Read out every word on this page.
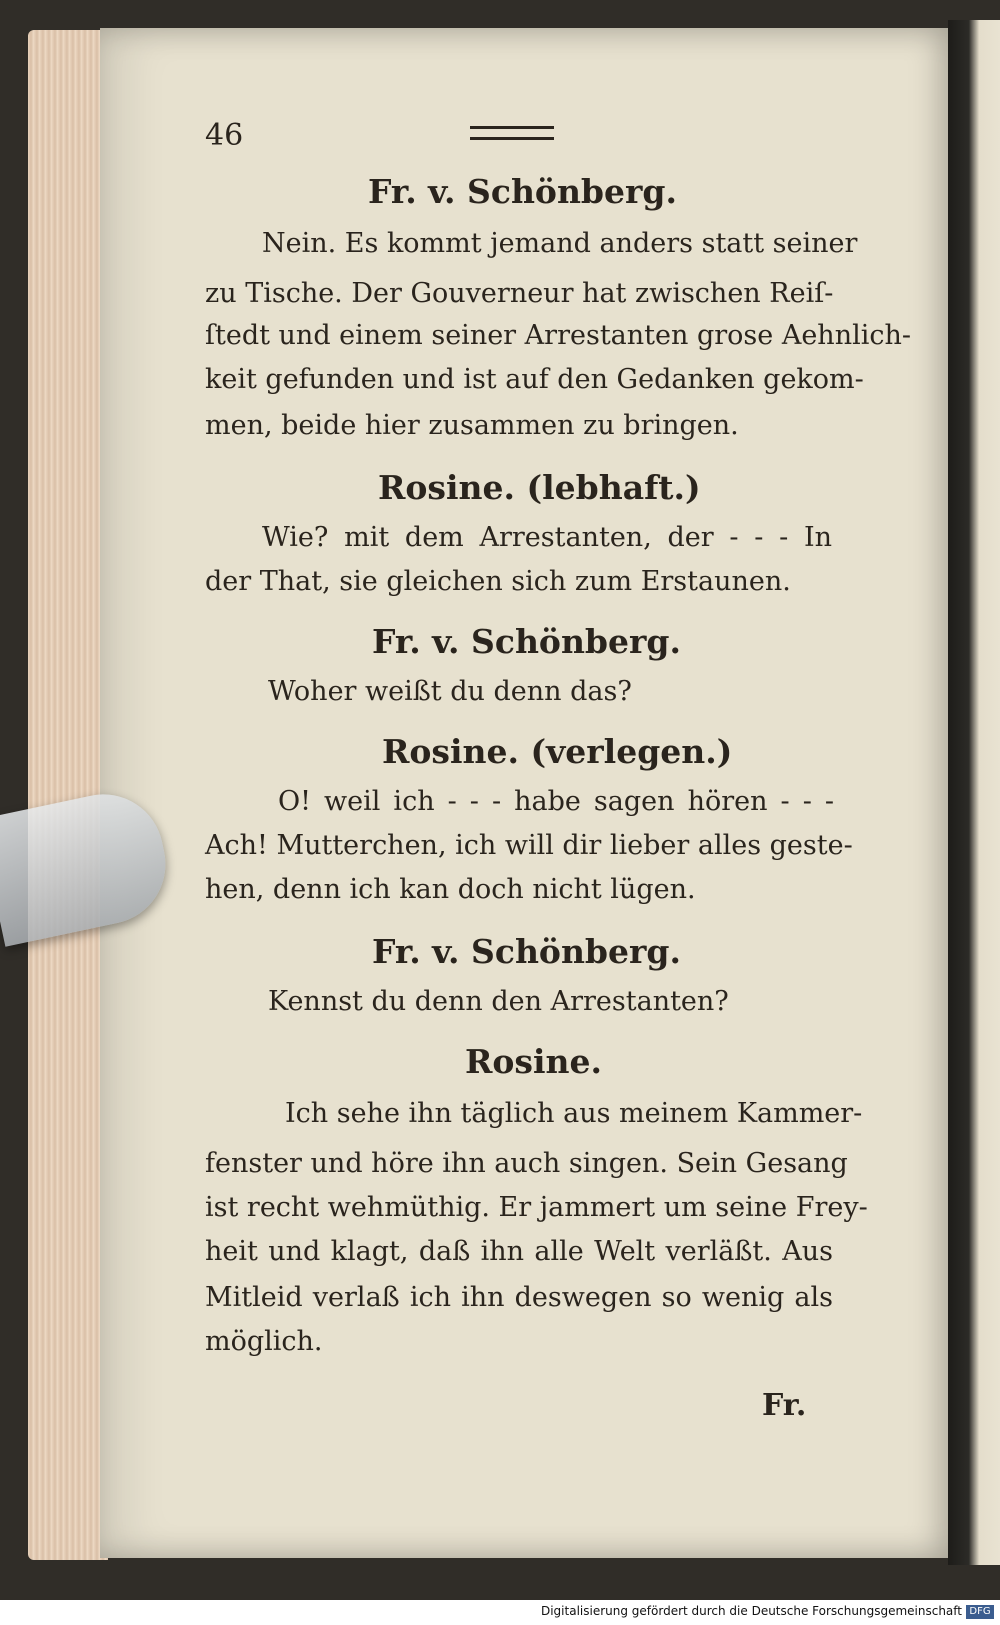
46
Fr. v. Schönberg.
Nein. Es kommt jemand anders statt seiner
zu Tische. Der Gouverneur hat zwischen Reiſ-
ſtedt und einem seiner Arrestanten grose Aehnlich-
keit gefunden und ist auf den Gedanken gekom-
men, beide hier zusammen zu bringen.
Rosine. (lebhaft.)
Wie? mit dem Arrestanten, der - - - In
der That, sie gleichen sich zum Erstaunen.
Fr. v. Schönberg.
Woher weißt du denn das?
Rosine. (verlegen.)
O! weil ich - - - habe sagen hören - - -
Ach! Mutterchen, ich will dir lieber alles geste-
hen, denn ich kan doch nicht lügen.
Fr. v. Schönberg.
Kennst du denn den Arrestanten?
Rosine.
Ich sehe ihn täglich aus meinem Kammer-
fenster und höre ihn auch singen. Sein Gesang
ist recht wehmüthig. Er jammert um seine Frey-
heit und klagt, daß ihn alle Welt verläßt. Aus
Mitleid verlaß ich ihn deswegen so wenig als
möglich.
Fr.
Digitalisierung gefördert durch die Deutsche Forschungsgemeinschaft DFG
